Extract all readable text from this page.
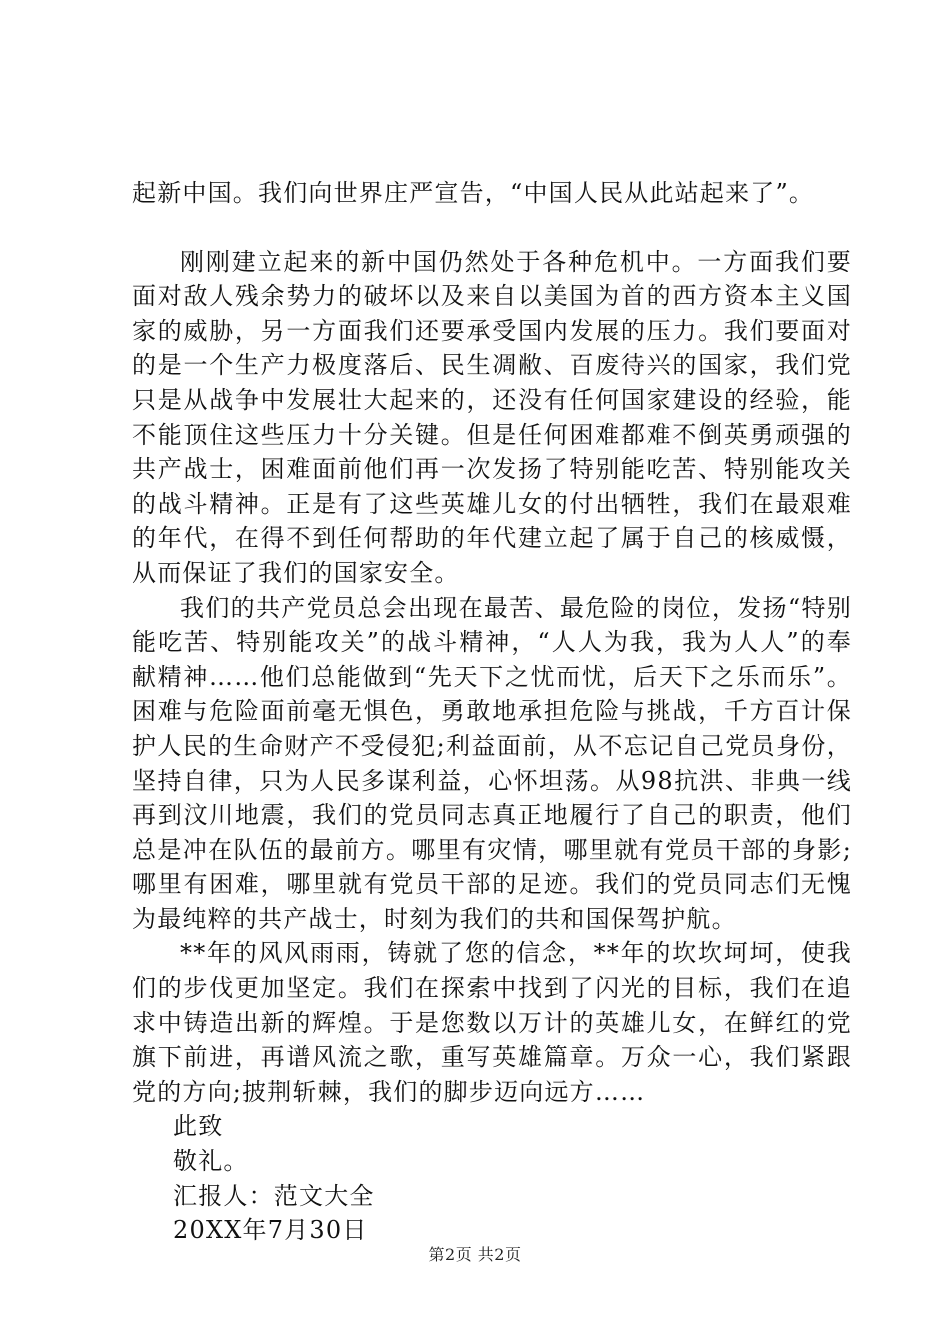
起新中国。我们向世界庄严宣告，“中国人民从此站起来了”。

刚刚建立起来的新中国仍然处于各种危机中。一方面我们要面对敌人残余势力的破坏以及来自以美国为首的西方资本主义国家的威胁，另一方面我们还要承受国内发展的压力。我们要面对的是一个生产力极度落后、民生凋敝、百废待兴的国家，我们党只是从战争中发展壮大起来的，还没有任何国家建设的经验，能不能顶住这些压力十分关键。但是任何困难都难不倒英勇顽强的共产战士，困难面前他们再一次发扬了特别能吃苦、特别能攻关的战斗精神。正是有了这些英雄儿女的付出牺牲，我们在最艰难的年代，在得不到任何帮助的年代建立起了属于自己的核威慑，从而保证了我们的国家安全。

我们的共产党员总会出现在最苦、最危险的岗位，发扬“特别能吃苦、特别能攻关”的战斗精神，“人人为我，我为人人”的奉献精神……他们总能做到“先天下之忧而忧，后天下之乐而乐”。困难与危险面前毫无惧色，勇敢地承担危险与挑战，千方百计保护人民的生命财产不受侵犯;利益面前，从不忘记自己党员身份，坚持自律，只为人民多谋利益，心怀坦荡。从98抗洪、非典一线再到汶川地震，我们的党员同志真正地履行了自己的职责，他们总是冲在队伍的最前方。哪里有灾情，哪里就有党员干部的身影;哪里有困难，哪里就有党员干部的足迹。我们的党员同志们无愧为最纯粹的共产战士，时刻为我们的共和国保驾护航。

**年的风风雨雨，铸就了您的信念，**年的坎坎坷坷，使我们的步伐更加坚定。我们在探索中找到了闪光的目标，我们在追求中铸造出新的辉煌。于是您数以万计的英雄儿女，在鲜红的党旗下前进，再谱风流之歌，重写英雄篇章。万众一心，我们紧跟党的方向;披荆斩棘，我们的脚步迈向远方……

此致

敬礼。

汇报人：范文大全

20XX年7月30日

第2页 共2页
